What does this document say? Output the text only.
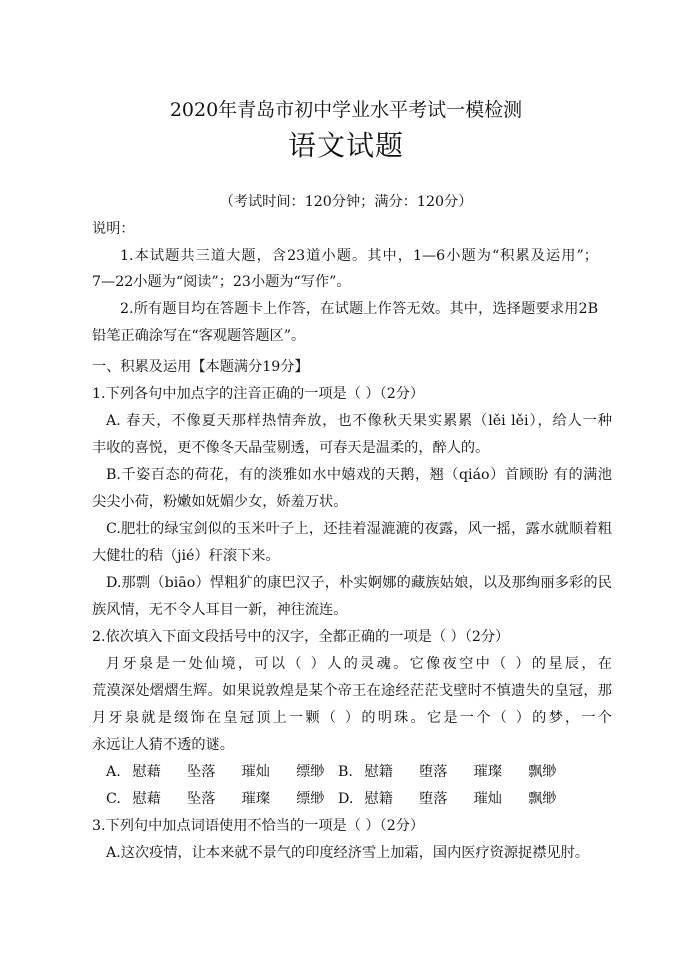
2020年青岛市初中学业水平考试一模检测
语文试题
（考试时间：120分钟；满分：120分）
说明：
1.本试题共三道大题，含23道小题。其中，1—6小题为“积累及运用”；
7—22小题为“阅读”；23小题为“写作”。
2.所有题目均在答题卡上作答，在试题上作答无效。其中，选择题要求用2B
铅笔正确涂写在“客观题答题区”。
一、积累及运用【本题满分19分】
1.下列各句中加点字的注音正确的一项是（ ）（2分）
A. 春天，不像夏天那样热情奔放，也不像秋天果实累累（lěi lěi），给人一种
丰收的喜悦，更不像冬天晶莹剔透，可春天是温柔的，醉人的。
B.千姿百态的荷花，有的淡雅如水中嬉戏的天鹅，翘（qiáo）首顾盼 有的满池
尖尖小荷，粉嫩如妩媚少女，娇羞万状。
C.肥壮的绿宝剑似的玉米叶子上，还挂着湿漉漉的夜露，风一摇，露水就顺着粗
大健壮的秸（jié）秆滚下来。
D.那剽（biāo）悍粗犷的康巴汉子，朴实婀娜的藏族姑娘，以及那绚丽多彩的民
族风情，无不令人耳目一新，神往流连。
2.依次填入下面文段括号中的汉字，全都正确的一项是（ ）（2分）
月牙泉是一处仙境，可以（ ）人的灵魂。它像夜空中（ ）的星辰，在
荒漠深处熠熠生辉。如果说敦煌是某个帝王在途经茫茫戈壁时不慎遗失的皇冠，那
月牙泉就是缀饰在皇冠顶上一颗（ ）的明珠。它是一个（ ）的梦，一个
永远让人猜不透的谜。
A. 慰藉 坠落 璀灿 缥缈 B. 慰籍 堕落 璀璨 飘缈
C. 慰藉 坠落 璀璨 缥缈 D. 慰籍 堕落 璀灿 飘缈
3.下列句中加点词语使用不恰当的一项是（ ）（2分）
A.这次疫情，让本来就不景气的印度经济雪上加霜，国内医疗资源捉襟见肘。
